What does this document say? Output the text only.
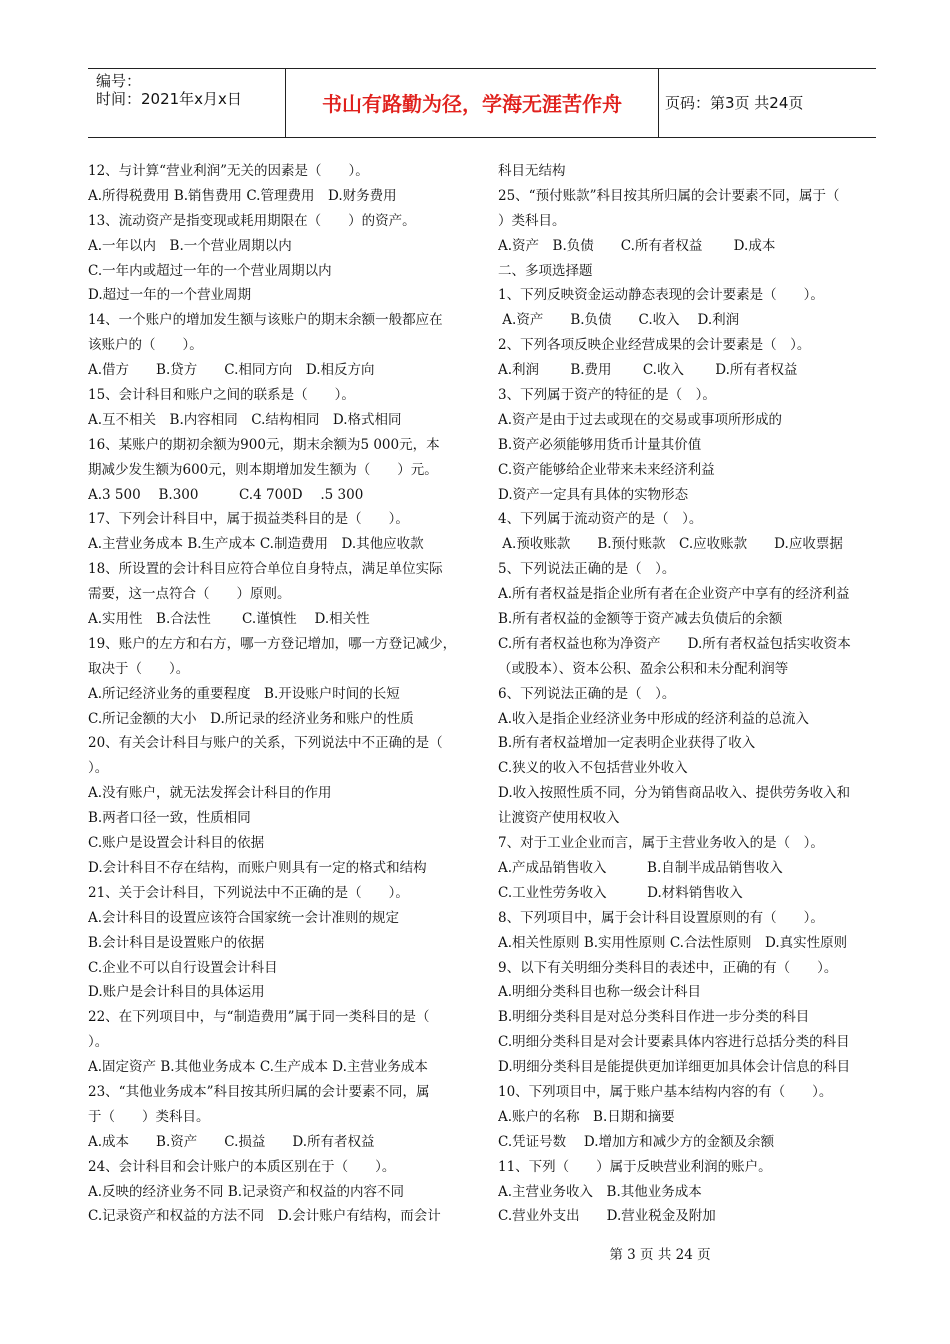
编号：
时间：2021年x月x日	书山有路勤为径，学海无涯苦作舟	页码：第3页 共24页
12、与计算“营业利润”无关的因素是（　　）。
A.所得税费用 B.销售费用 C.管理费用　D.财务费用
13、流动资产是指变现或耗用期限在（　　）的资产。
A.一年以内　B.一个营业周期以内
C.一年内或超过一年的一个营业周期以内
D.超过一年的一个营业周期
14、一个账户的增加发生额与该账户的期末余额一般都应在
该账户的（　　）。
A.借方　　B.贷方　　C.相同方向　D.相反方向
15、会计科目和账户之间的联系是（　　）。
A.互不相关　B.内容相同　C.结构相同　D.格式相同
16、某账户的期初余额为900元，期末余额为5 000元，本
期减少发生额为600元，则本期增加发生额为（　　）元。
A.3 500　 B.300　　　C.4 700D　 .5 300
17、下列会计科目中，属于损益类科目的是（　　）。
A.主营业务成本 B.生产成本 C.制造费用　D.其他应收款
18、所设置的会计科目应符合单位自身特点，满足单位实际
需要，这一点符合（　　）原则。
A.实用性　B.合法性　　 C.谨慎性　 D.相关性
19、账户的左方和右方，哪一方登记增加，哪一方登记减少，
取决于（　　）。
A.所记经济业务的重要程度　B.开设账户时间的长短
C.所记金额的大小　D.所记录的经济业务和账户的性质
20、有关会计科目与账户的关系，下列说法中不正确的是（
）。
A.没有账户，就无法发挥会计科目的作用
B.两者口径一致，性质相同
C.账户是设置会计科目的依据
D.会计科目不存在结构，而账户则具有一定的格式和结构
21、关于会计科目，下列说法中不正确的是（　　）。
A.会计科目的设置应该符合国家统一会计准则的规定
B.会计科目是设置账户的依据
C.企业不可以自行设置会计科目
D.账户是会计科目的具体运用
22、在下列项目中，与“制造费用”属于同一类科目的是（
）。
A.固定资产 B.其他业务成本 C.生产成本 D.主营业务成本
23、“其他业务成本”科目按其所归属的会计要素不同，属
于（　　）类科目。
A.成本　　B.资产　　C.损益　　D.所有者权益
24、会计科目和会计账户的本质区别在于（　　）。
A.反映的经济业务不同 B.记录资产和权益的内容不同
C.记录资产和权益的方法不同　D.会计账户有结构，而会计
科目无结构
25、“预付账款”科目按其所归属的会计要素不同，属于（
）类科目。
A.资产　B.负债　　C.所有者权益　　 D.成本
二、多项选择题
1、下列反映资金运动静态表现的会计要素是（　　）。
A.资产　　B.负债　　C.收入　 D.利润
2、下列各项反映企业经营成果的会计要素是（　）。
A.利润　　 B.费用　　 C.收入　　 D.所有者权益
3、下列属于资产的特征的是（　）。
A.资产是由于过去或现在的交易或事项所形成的
B.资产必须能够用货币计量其价值
C.资产能够给企业带来未来经济利益
D.资产一定具有具体的实物形态
4、下列属于流动资产的是（　）。
A.预收账款　　B.预付账款　C.应收账款　　D.应收票据
5、下列说法正确的是（　）。
A.所有者权益是指企业所有者在企业资产中享有的经济利益
B.所有者权益的金额等于资产减去负债后的余额
C.所有者权益也称为净资产　　D.所有者权益包括实收资本
（或股本）、资本公积、盈余公积和未分配利润等
6、下列说法正确的是（　）。
A.收入是指企业经济业务中形成的经济利益的总流入
B.所有者权益增加一定表明企业获得了收入
C.狭义的收入不包括营业外收入
D.收入按照性质不同，分为销售商品收入、提供劳务收入和
让渡资产使用权收入
7、对于工业企业而言，属于主营业务收入的是（　）。
A.产成品销售收入　　　B.自制半成品销售收入
C.工业性劳务收入　　　D.材料销售收入
8、下列项目中，属于会计科目设置原则的有（　　）。
A.相关性原则 B.实用性原则 C.合法性原则　D.真实性原则
9、以下有关明细分类科目的表述中，正确的有（　　）。
A.明细分类科目也称一级会计科目
B.明细分类科目是对总分类科目作进一步分类的科目
C.明细分类科目是对会计要素具体内容进行总括分类的科目
D.明细分类科目是能提供更加详细更加具体会计信息的科目
10、下列项目中，属于账户基本结构内容的有（　　）。
A.账户的名称　B.日期和摘要
C.凭证号数　 D.增加方和减少方的金额及余额
11、下列（　　）属于反映营业利润的账户。
A.主营业务收入　B.其他业务成本
C.营业外支出　　D.营业税金及附加
第 3 页 共 24 页
